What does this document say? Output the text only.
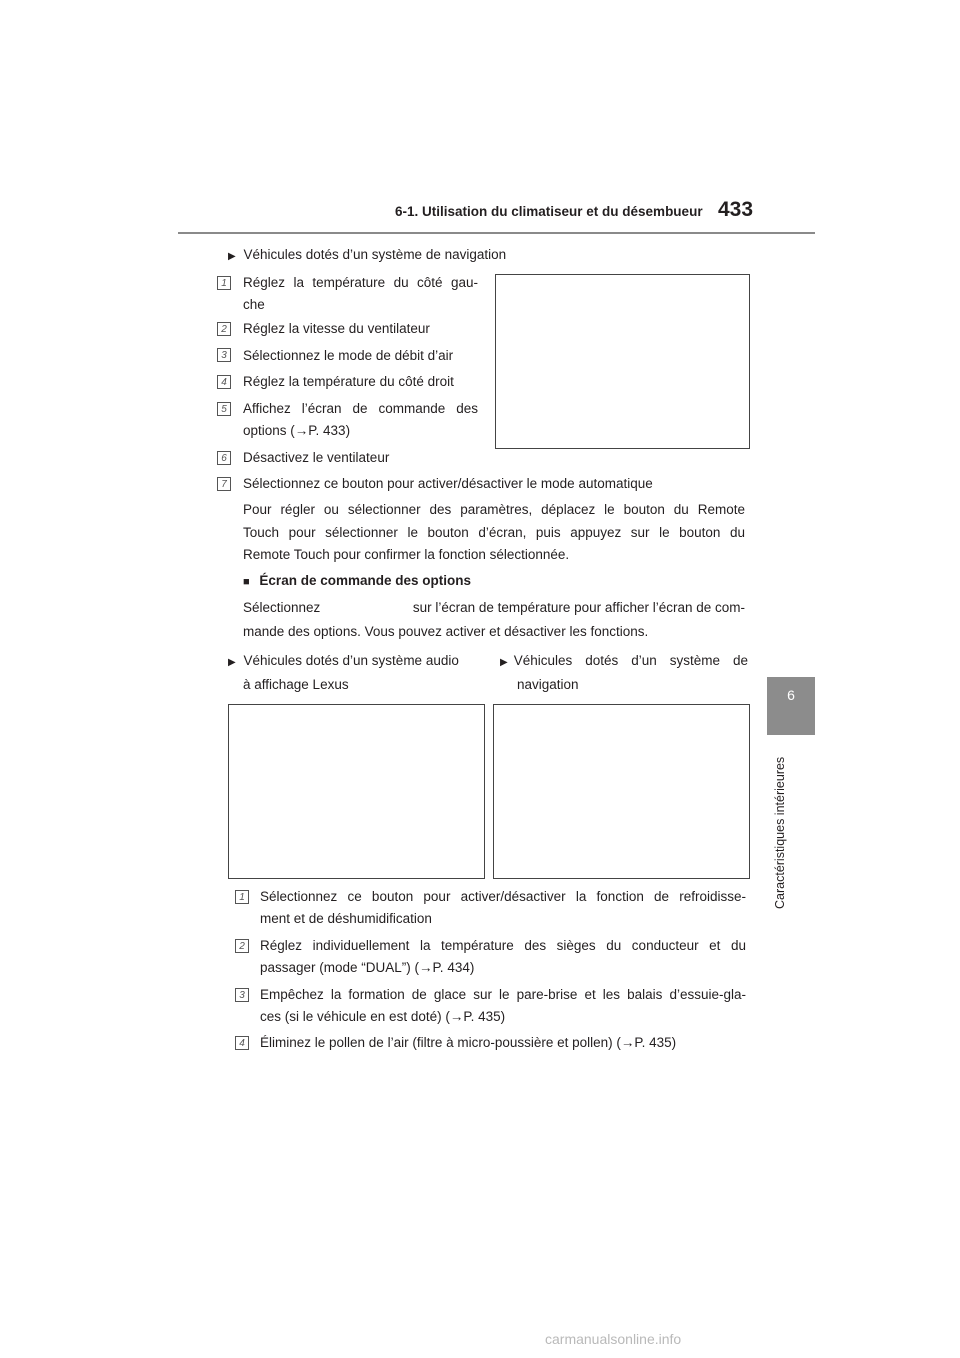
6-1. Utilisation du climatiseur et du désembueur 433
6
Caractéristiques intérieures
▶ Véhicules dotés d’un système de navigation
1	Réglez la température du côté gau-
che
2	Réglez la vitesse du ventilateur
3	Sélectionnez le mode de débit d’air
4	Réglez la température du côté droit
5	Affichez l’écran de commande des
options (→P. 433)
6	Désactivez le ventilateur
7	Sélectionnez ce bouton pour activer/désactiver le mode automatique
Pour régler ou sélectionner des paramètres, déplacez le bouton du Remote
Touch pour sélectionner le bouton d’écran, puis appuyez sur le bouton du
Remote Touch pour confirmer la fonction sélectionnée.
■ Écran de commande des options
Sélectionnez	sur l’écran de température pour afficher l’écran de com-
mande des options. Vous pouvez activer et désactiver les fonctions.
▶ Véhicules dotés d’un système audio
à affichage Lexus
▶ Véhicules dotés d’un système de
navigation
1	Sélectionnez ce bouton pour activer/désactiver la fonction de refroidisse-
ment et de déshumidification
2	Réglez individuellement la température des sièges du conducteur et du
passager (mode “DUAL”) (→P. 434)
3	Empêchez la formation de glace sur le pare-brise et les balais d’essuie-gla-
ces (si le véhicule en est doté) (→P. 435)
4	Éliminez le pollen de l’air (filtre à micro-poussière et pollen) (→P. 435)
carmanualsonline.info
